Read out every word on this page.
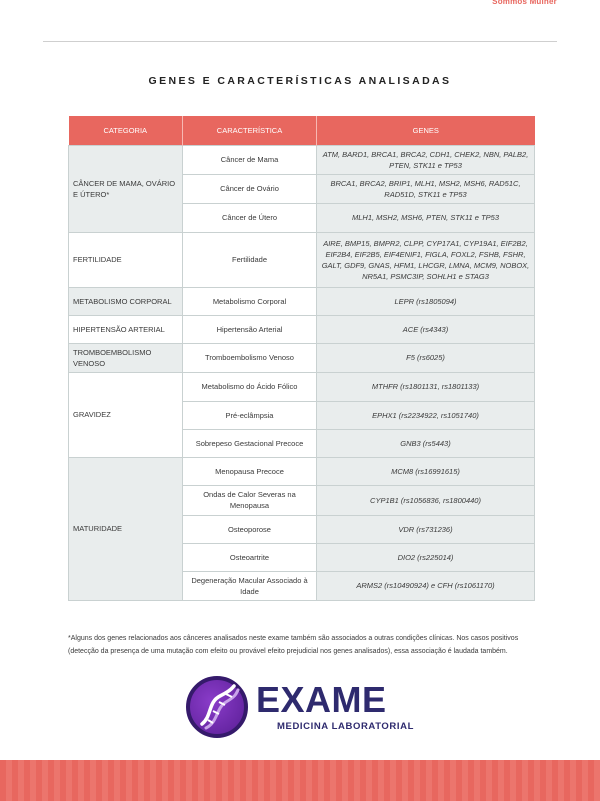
Sommos Mulher
GENES E CARACTERÍSTICAS ANALISADAS
CATEGORIA	CARACTERÍSTICA	GENES
CÂNCER DE MAMA, OVÁRIO E ÚTERO*	Câncer de Mama	ATM, BARD1, BRCA1, BRCA2, CDH1, CHEK2, NBN, PALB2, PTEN, STK11 e TP53
	Câncer de Ovário	BRCA1, BRCA2, BRIP1, MLH1, MSH2, MSH6, RAD51C, RAD51D, STK11 e TP53
	Câncer de Útero	MLH1, MSH2, MSH6, PTEN, STK11 e TP53
FERTILIDADE	Fertilidade	AIRE, BMP15, BMPR2, CLPP, CYP17A1, CYP19A1, EIF2B2, EIF2B4, EIF2B5, EIF4ENIF1, FIGLA, FOXL2, FSHB, FSHR, GALT, GDF9, GNAS, HFM1, LHCGR, LMNA, MCM9, NOBOX, NR5A1, PSMC3IP, SOHLH1 e STAG3
METABOLISMO CORPORAL	Metabolismo Corporal	LEPR (rs1805094)
HIPERTENSÃO ARTERIAL	Hipertensão Arterial	ACE (rs4343)
TROMBOEMBOLISMO VENOSO	Tromboembolismo Venoso	F5 (rs6025)
GRAVIDEZ	Metabolismo do Ácido Fólico	MTHFR (rs1801131, rs1801133)
	Pré-eclâmpsia	EPHX1 (rs2234922, rs1051740)
	Sobrepeso Gestacional Precoce	GNB3 (rs5443)
MATURIDADE	Menopausa Precoce	MCM8 (rs16991615)
	Ondas de Calor Severas na Menopausa	CYP1B1 (rs1056836, rs1800440)
	Osteoporose	VDR (rs731236)
	Osteoartrite	DIO2 (rs225014)
	Degeneração Macular Associado à Idade	ARMS2 (rs10490924) e CFH (rs1061170)

*Alguns dos genes relacionados aos cânceres analisados neste exame também são associados a outras condições clínicas. Nos casos positivos (detecção da presença de uma mutação com efeito ou provável efeito prejudicial nos genes analisados), essa associação é laudada também.

EXAME
MEDICINA LABORATORIAL
